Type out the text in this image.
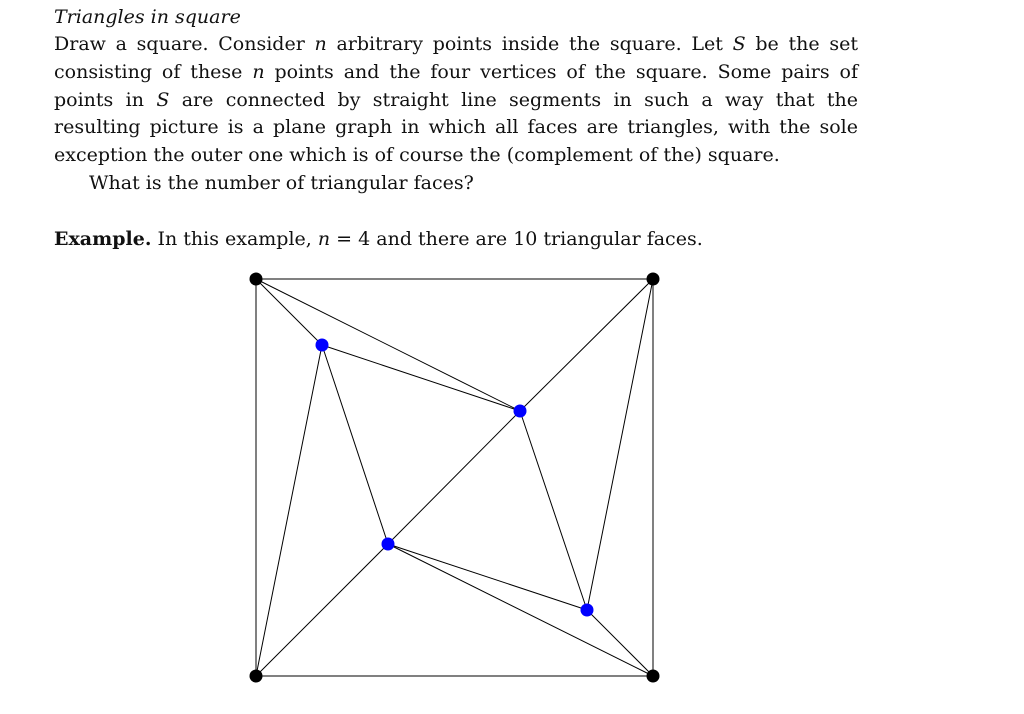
Triangles in square

Draw a square. Consider n arbitrary points inside the square. Let S be the set consisting of these n points and the four vertices of the square. Some pairs of points in S are connected by straight line segments in such a way that the resulting picture is a plane graph in which all faces are triangles, with the sole exception the outer one which is of course the (complement of the) square.

What is the number of triangular faces?

Example. In this example, n = 4 and there are 10 triangular faces.
